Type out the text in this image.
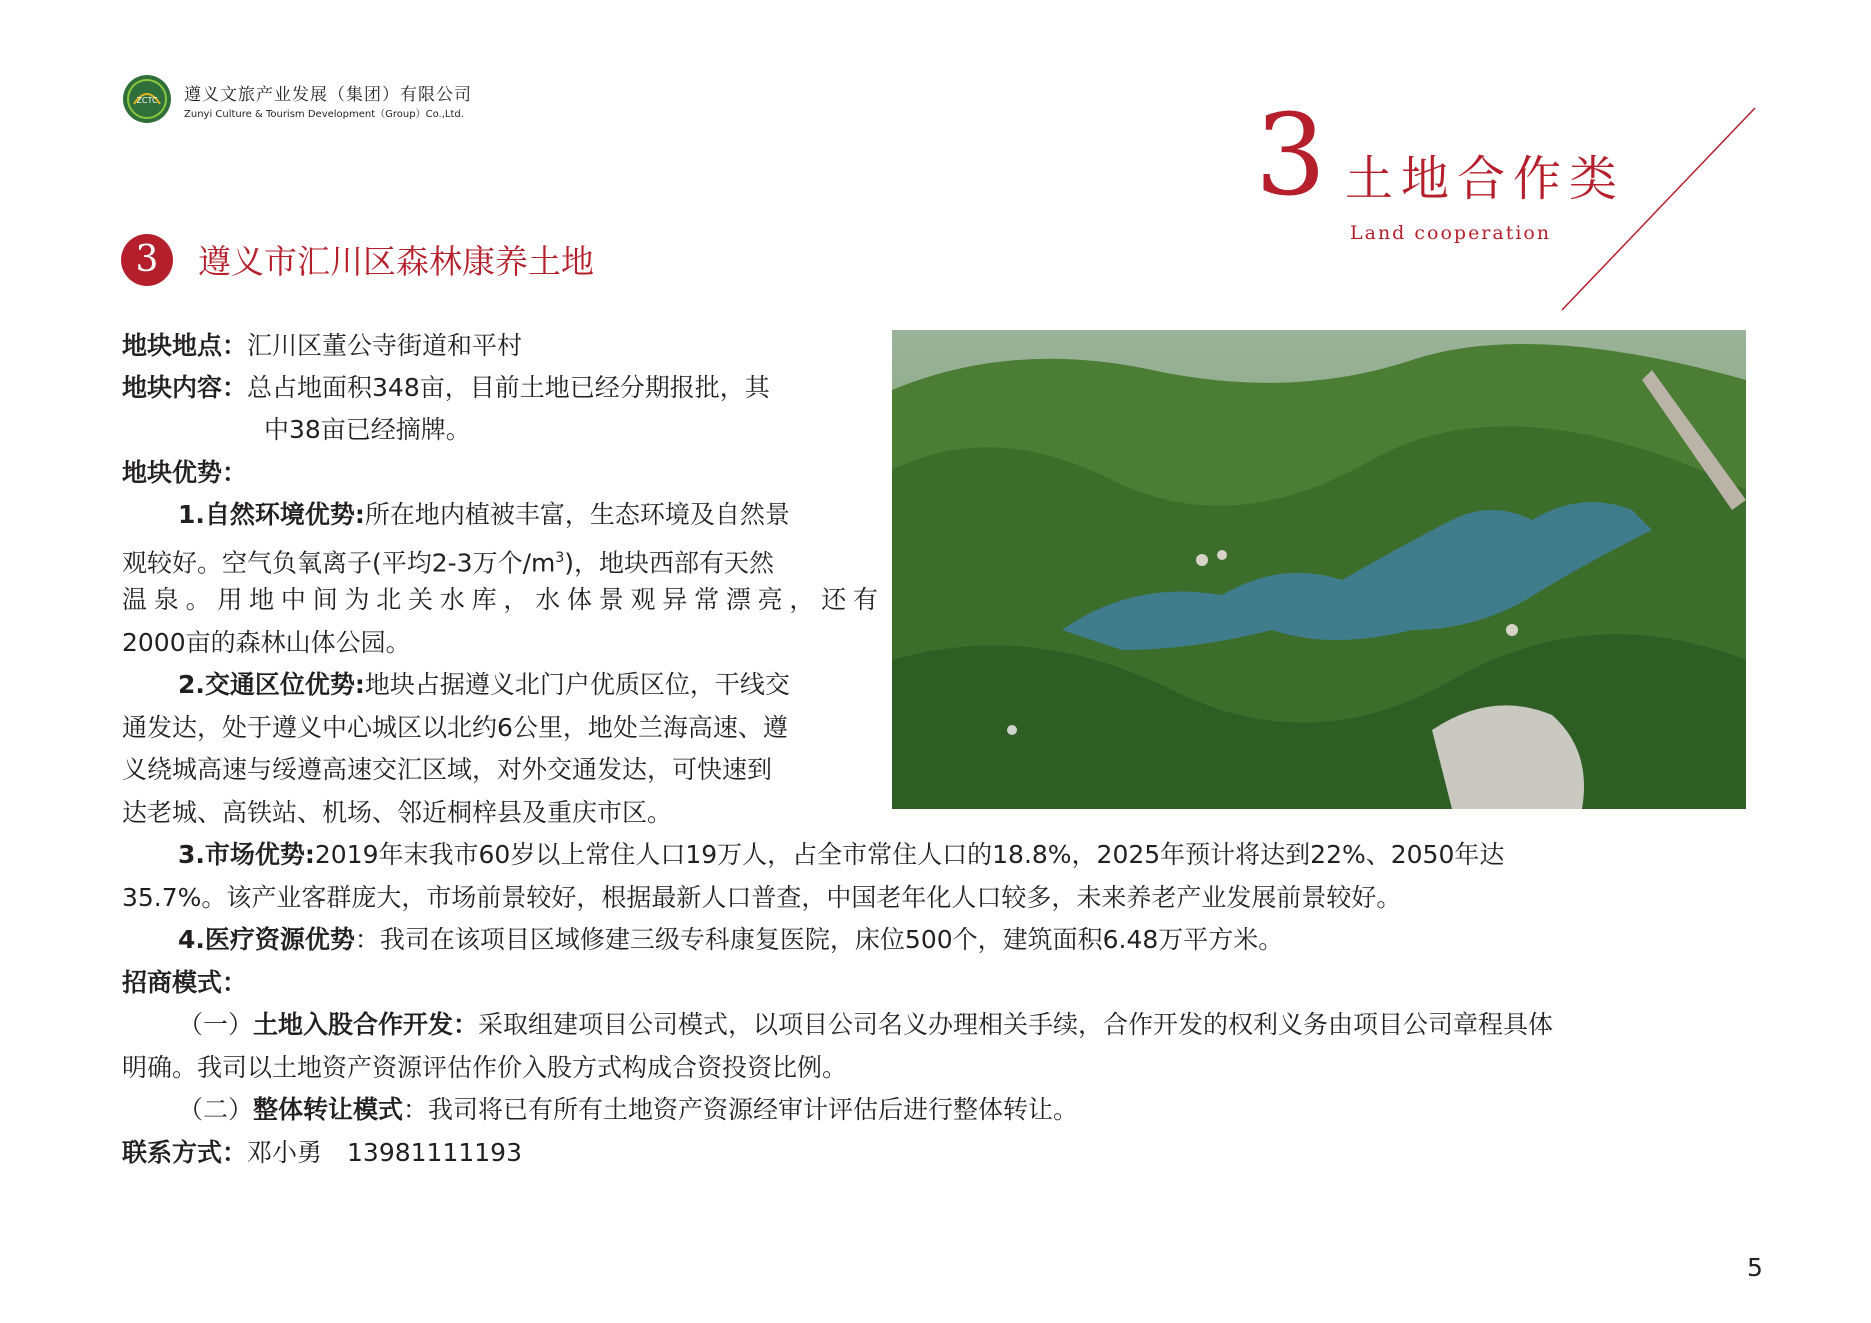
ZCTC 遵义文旅产业发展（集团）有限公司
Zunyi Culture & Tourism Development（Group）Co.,Ltd.	3 土地合作类
Land cooperation
3	遵义市汇川区森林康养土地
地块地点：汇川区董公寺街道和平村
地块内容：总占地面积348亩，目前土地已经分期报批，其
中38亩已经摘牌。
地块优势：
1.自然环境优势:所在地内植被丰富，生态环境及自然景
观较好。空气负氧离子(平均2-3万个$/m^3$)，地块西部有天然
温泉。用地中间为北关水库，水体景观异常漂亮，还有
2000亩的森林山体公园。
2.交通区位优势:地块占据遵义北门户优质区位，干线交
通发达，处于遵义中心城区以北约6公里，地处兰海高速、遵
义绕城高速与绥遵高速交汇区域，对外交通发达，可快速到
达老城、高铁站、机场、邻近桐梓县及重庆市区。
3.市场优势:2019年末我市60岁以上常住人口19万人，占全市常住人口的18.8%，2025年预计将达到22%、2050年达
35.7%。该产业客群庞大，市场前景较好，根据最新人口普查，中国老年化人口较多，未来养老产业发展前景较好。
4.医疗资源优势：我司在该项目区域修建三级专科康复医院，床位500个，建筑面积6.48万平方米。
招商模式：
（一）土地入股合作开发：采取组建项目公司模式，以项目公司名义办理相关手续，合作开发的权利义务由项目公司章程具体
明确。我司以土地资产资源评估作价入股方式构成合资投资比例。
（二）整体转让模式：我司将已有所有土地资产资源经审计评估后进行整体转让。
联系方式：邓小勇　13981111193
5
